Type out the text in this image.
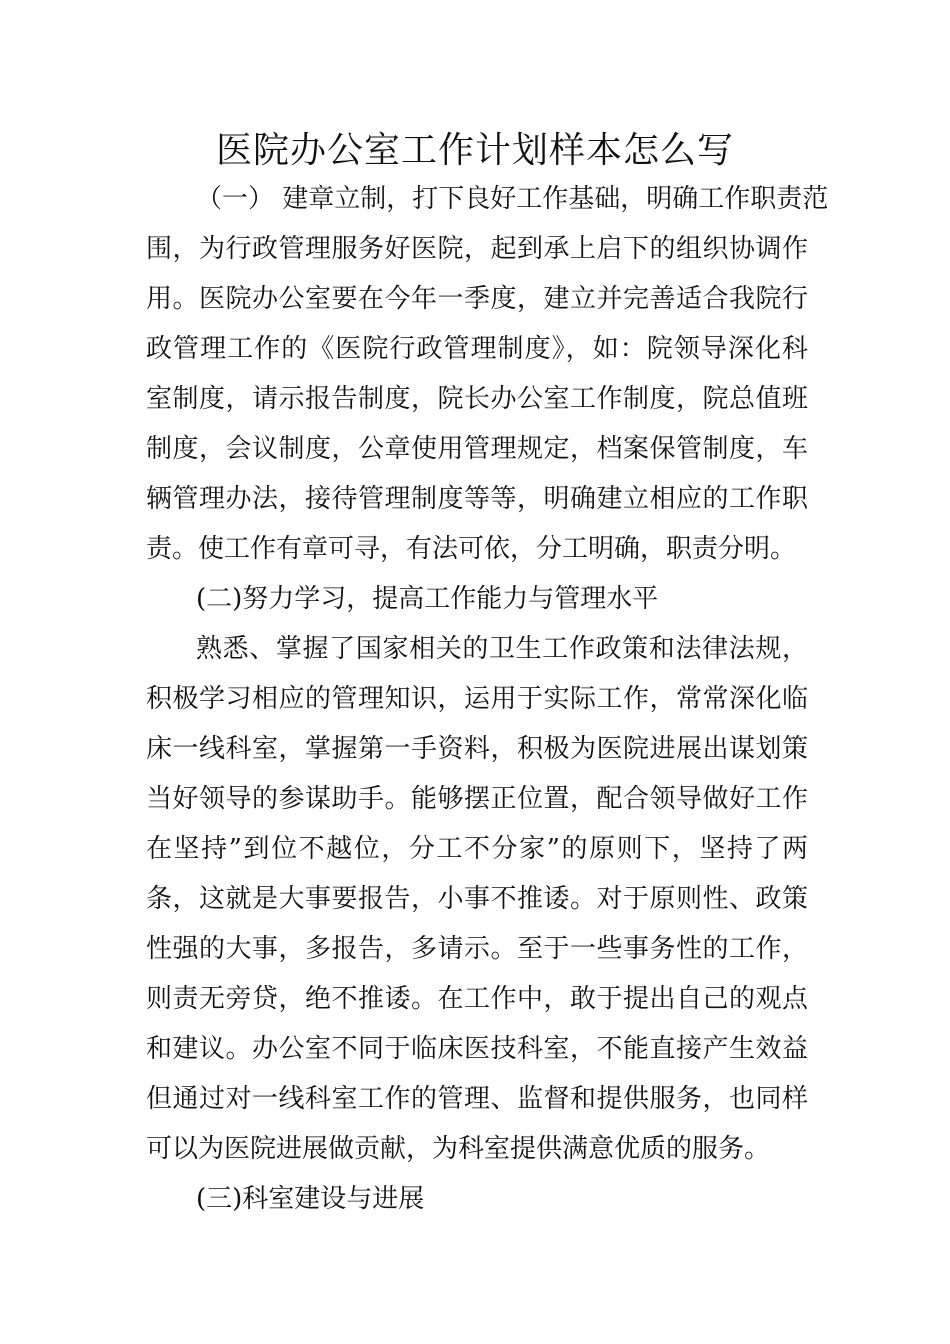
医院办公室工作计划样本怎么写

（一） 建章立制，打下良好工作基础，明确工作职责范

围，为行政管理服务好医院，起到承上启下的组织协调作

用。医院办公室要在今年一季度，建立并完善适合我院行

政管理工作的《医院行政管理制度》，如：院领导深化科

室制度，请示报告制度，院长办公室工作制度，院总值班

制度，会议制度，公章使用管理规定，档案保管制度，车

辆管理办法，接待管理制度等等，明确建立相应的工作职

责。使工作有章可寻，有法可依，分工明确，职责分明。

(二)努力学习，提高工作能力与管理水平

熟悉、掌握了国家相关的卫生工作政策和法律法规，

积极学习相应的管理知识，运用于实际工作，常常深化临

床一线科室，掌握第一手资料，积极为医院进展出谋划策

当好领导的参谋助手。能够摆正位置，配合领导做好工作

在坚持”到位不越位，分工不分家”的原则下，坚持了两

条，这就是大事要报告，小事不推诿。对于原则性、政策

性强的大事，多报告，多请示。至于一些事务性的工作，

则责无旁贷，绝不推诿。在工作中，敢于提出自己的观点

和建议。办公室不同于临床医技科室，不能直接产生效益

但通过对一线科室工作的管理、监督和提供服务，也同样

可以为医院进展做贡献，为科室提供满意优质的服务。

(三)科室建设与进展
